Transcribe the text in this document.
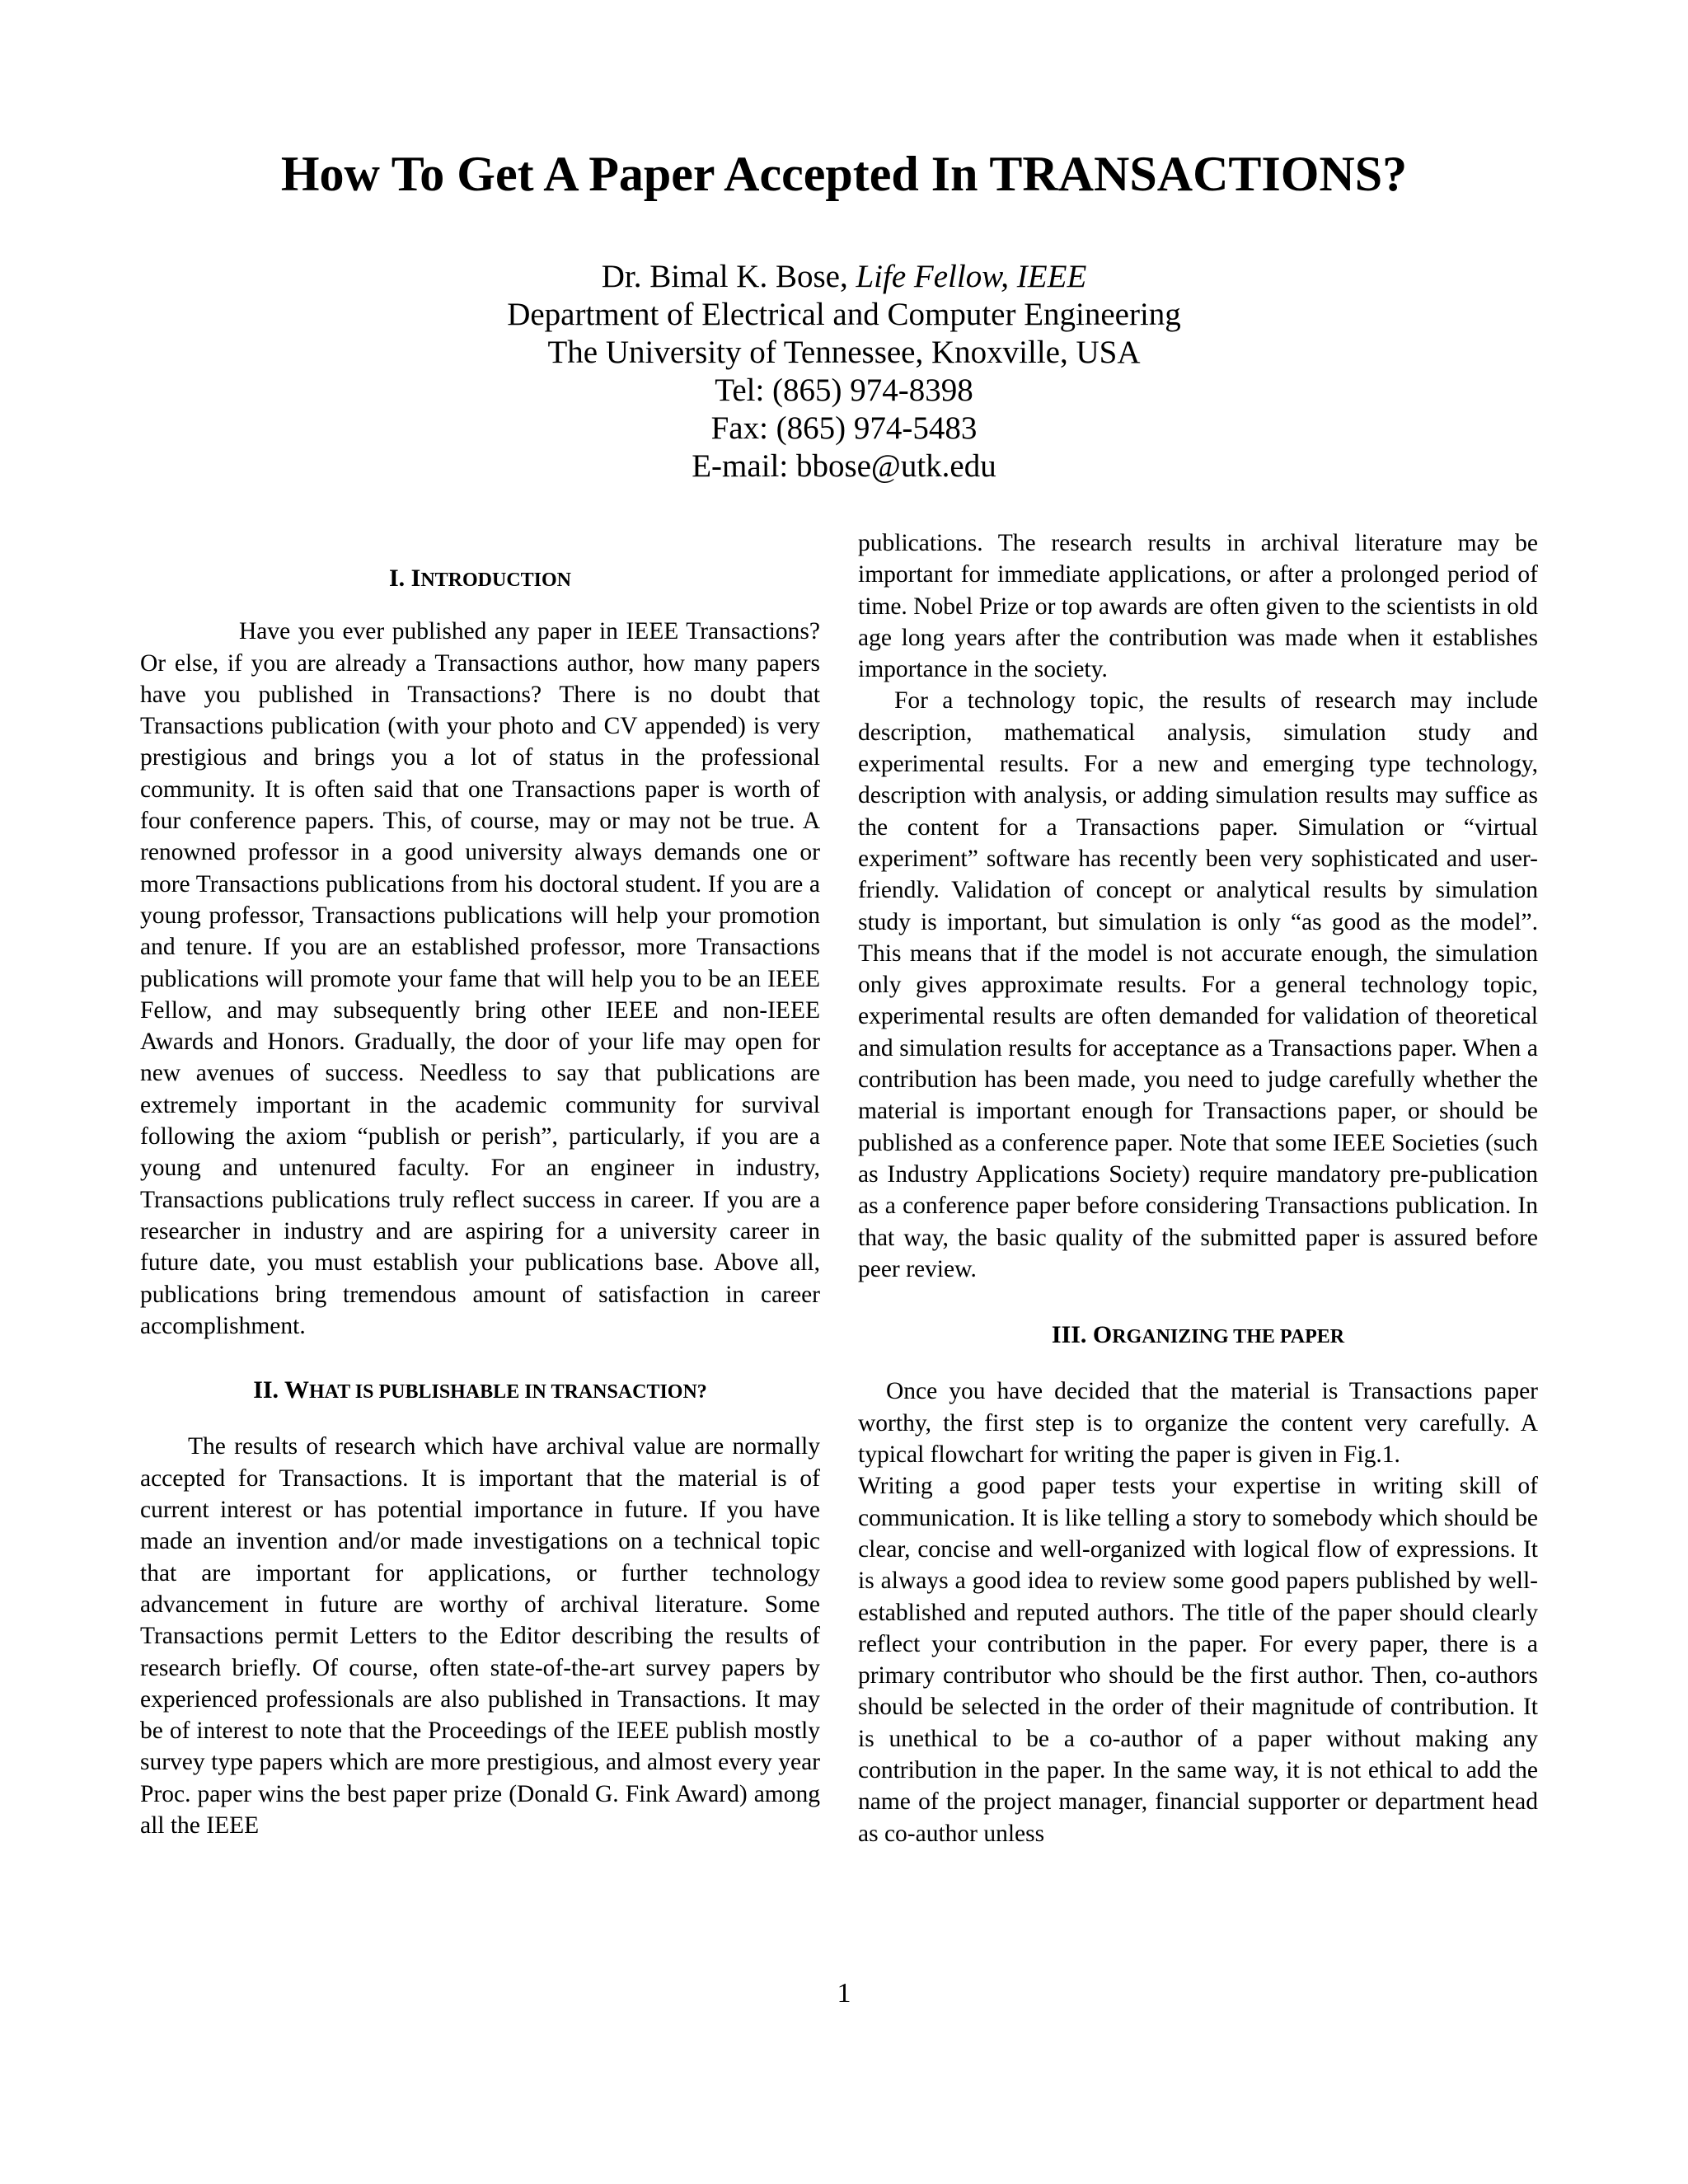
How To Get A Paper Accepted In TRANSACTIONS?
Dr. Bimal K. Bose, Life Fellow, IEEE
Department of Electrical and Computer Engineering
The University of Tennessee, Knoxville, USA
Tel: (865) 974-8398
Fax: (865) 974-5483
E-mail: bbose@utk.edu
I. INTRODUCTION

Have you ever published any paper in IEEE Transactions? Or else, if you are already a Transactions author, how many papers have you published in Transactions? There is no doubt that Transactions publication (with your photo and CV appended) is very prestigious and brings you a lot of status in the professional community. It is often said that one Transactions paper is worth of four conference papers. This, of course, may or may not be true. A renowned professor in a good university always demands one or more Transactions publications from his doctoral student. If you are a young professor, Transactions publications will help your promotion and tenure. If you are an established professor, more Transactions publications will promote your fame that will help you to be an IEEE Fellow, and may subsequently bring other IEEE and non-IEEE Awards and Honors. Gradually, the door of your life may open for new avenues of success. Needless to say that publications are extremely important in the academic community for survival following the axiom “publish or perish”, particularly, if you are a young and untenured faculty. For an engineer in industry, Transactions publications truly reflect success in career. If you are a researcher in industry and are aspiring for a university career in future date, you must establish your publications base. Above all, publications bring tremendous amount of satisfaction in career accomplishment.

II. WHAT IS PUBLISHABLE IN TRANSACTION?

The results of research which have archival value are normally accepted for Transactions. It is important that the material is of current interest or has potential importance in future. If you have made an invention and/or made investigations on a technical topic that are important for applications, or further technology advancement in future are worthy of archival literature. Some Transactions permit Letters to the Editor describing the results of research briefly. Of course, often state-of-the-art survey papers by experienced professionals are also published in Transactions. It may be of interest to note that the Proceedings of the IEEE publish mostly survey type papers which are more prestigious, and almost every year Proc. paper wins the best paper prize (Donald G. Fink Award) among all the IEEE

publications. The research results in archival literature may be important for immediate applications, or after a prolonged period of time. Nobel Prize or top awards are often given to the scientists in old age long years after the contribution was made when it establishes importance in the society.

For a technology topic, the results of research may include description, mathematical analysis, simulation study and experimental results. For a new and emerging type technology, description with analysis, or adding simulation results may suffice as the content for a Transactions paper. Simulation or “virtual experiment” software has recently been very sophisticated and user-friendly. Validation of concept or analytical results by simulation study is important, but simulation is only “as good as the model”. This means that if the model is not accurate enough, the simulation only gives approximate results. For a general technology topic, experimental results are often demanded for validation of theoretical and simulation results for acceptance as a Transactions paper. When a contribution has been made, you need to judge carefully whether the material is important enough for Transactions paper, or should be published as a conference paper. Note that some IEEE Societies (such as Industry Applications Society) require mandatory pre-publication as a conference paper before considering Transactions publication. In that way, the basic quality of the submitted paper is assured before peer review.

III. ORGANIZING THE PAPER

Once you have decided that the material is Transactions paper worthy, the first step is to organize the content very carefully. A typical flowchart for writing the paper is given in Fig.1.

Writing a good paper tests your expertise in writing skill of communication. It is like telling a story to somebody which should be clear, concise and well-organized with logical flow of expressions. It is always a good idea to review some good papers published by well-established and reputed authors. The title of the paper should clearly reflect your contribution in the paper. For every paper, there is a primary contributor who should be the first author. Then, co-authors should be selected in the order of their magnitude of contribution. It is unethical to be a co-author of a paper without making any contribution in the paper. In the same way, it is not ethical to add the name of the project manager, financial supporter or department head as co-author unless

1
